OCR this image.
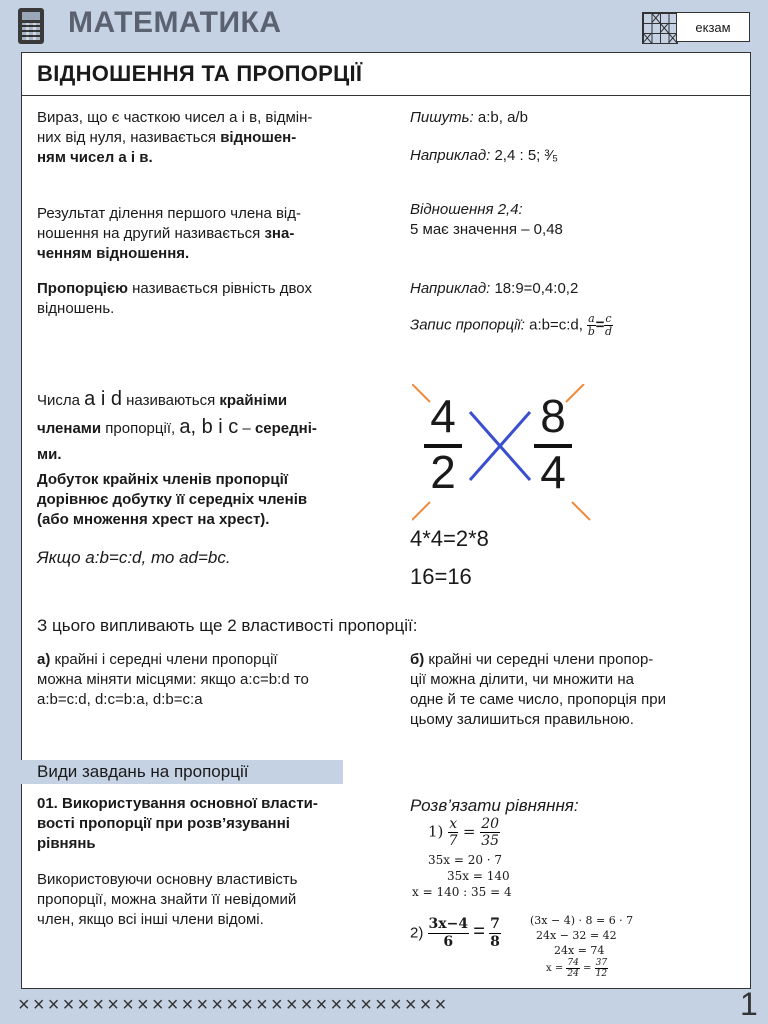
МАТЕМАТИКА	екзам
ВІДНОШЕННЯ ТА ПРОПОРЦІЇ
Вираз, що є часткою чисел a і в, відмін-
них від нуля, називається відношен-
ням чисел a і в.
Пишуть: a:b, a/b
Наприклад: 2,4 : 5; ³⁄₅
Результат ділення першого члена від-
ношення на другий називається зна-
ченням відношення.
Відношення 2,4:
5 має значення – 0,48
Пропорцією називається рівність двох
відношень.
Наприклад: 18:9=0,4:0,2
Запис пропорції: a:b=c:d, $\frac{a}{b} = \frac{c}{d}$
Числа a і d називаються крайніми
членами пропорції, a, b і c – середні-
ми.
Добуток крайніх членів пропорції
дорівнює добутку її середніх членів
(або множення хрест на хрест).
Якщо a:b=c:d, то ad=bc.
4
2
8
4
4*4=2*8
16=16
З цього випливають ще 2 властивості пропорції:
а) крайні і середні члени пропорції
можна міняти місцями: якщо a:c=b:d то
a:b=c:d, d:c=b:a, d:b=c:a
б) крайні чи середні члени пропор-
ції можна ділити, чи множити на
одне й те саме число, пропорція при
цьому залишиться правильною.
Види завдань на пропорції
01. Використування основної власти-
вості пропорції при розв’язуванні
рівнянь
Використовуючи основну властивість
пропорції, можна знайти її невідомий
член, якщо всі інші члени відомі.
Розв’язати рівняння:
$1) \frac{x}{7} = \frac{20}{35}$
35x = 20 · 7
35x = 140
x = 140 : 35 = 4
$2) \frac{3x-4}{6} = \frac{7}{8}$	(3x − 4) · 8 = 6 · 7
24x − 32 = 42
24x = 74
$x = \frac{74}{24} = \frac{37}{12}$
×××××××××××××××××××××××××××××	1
